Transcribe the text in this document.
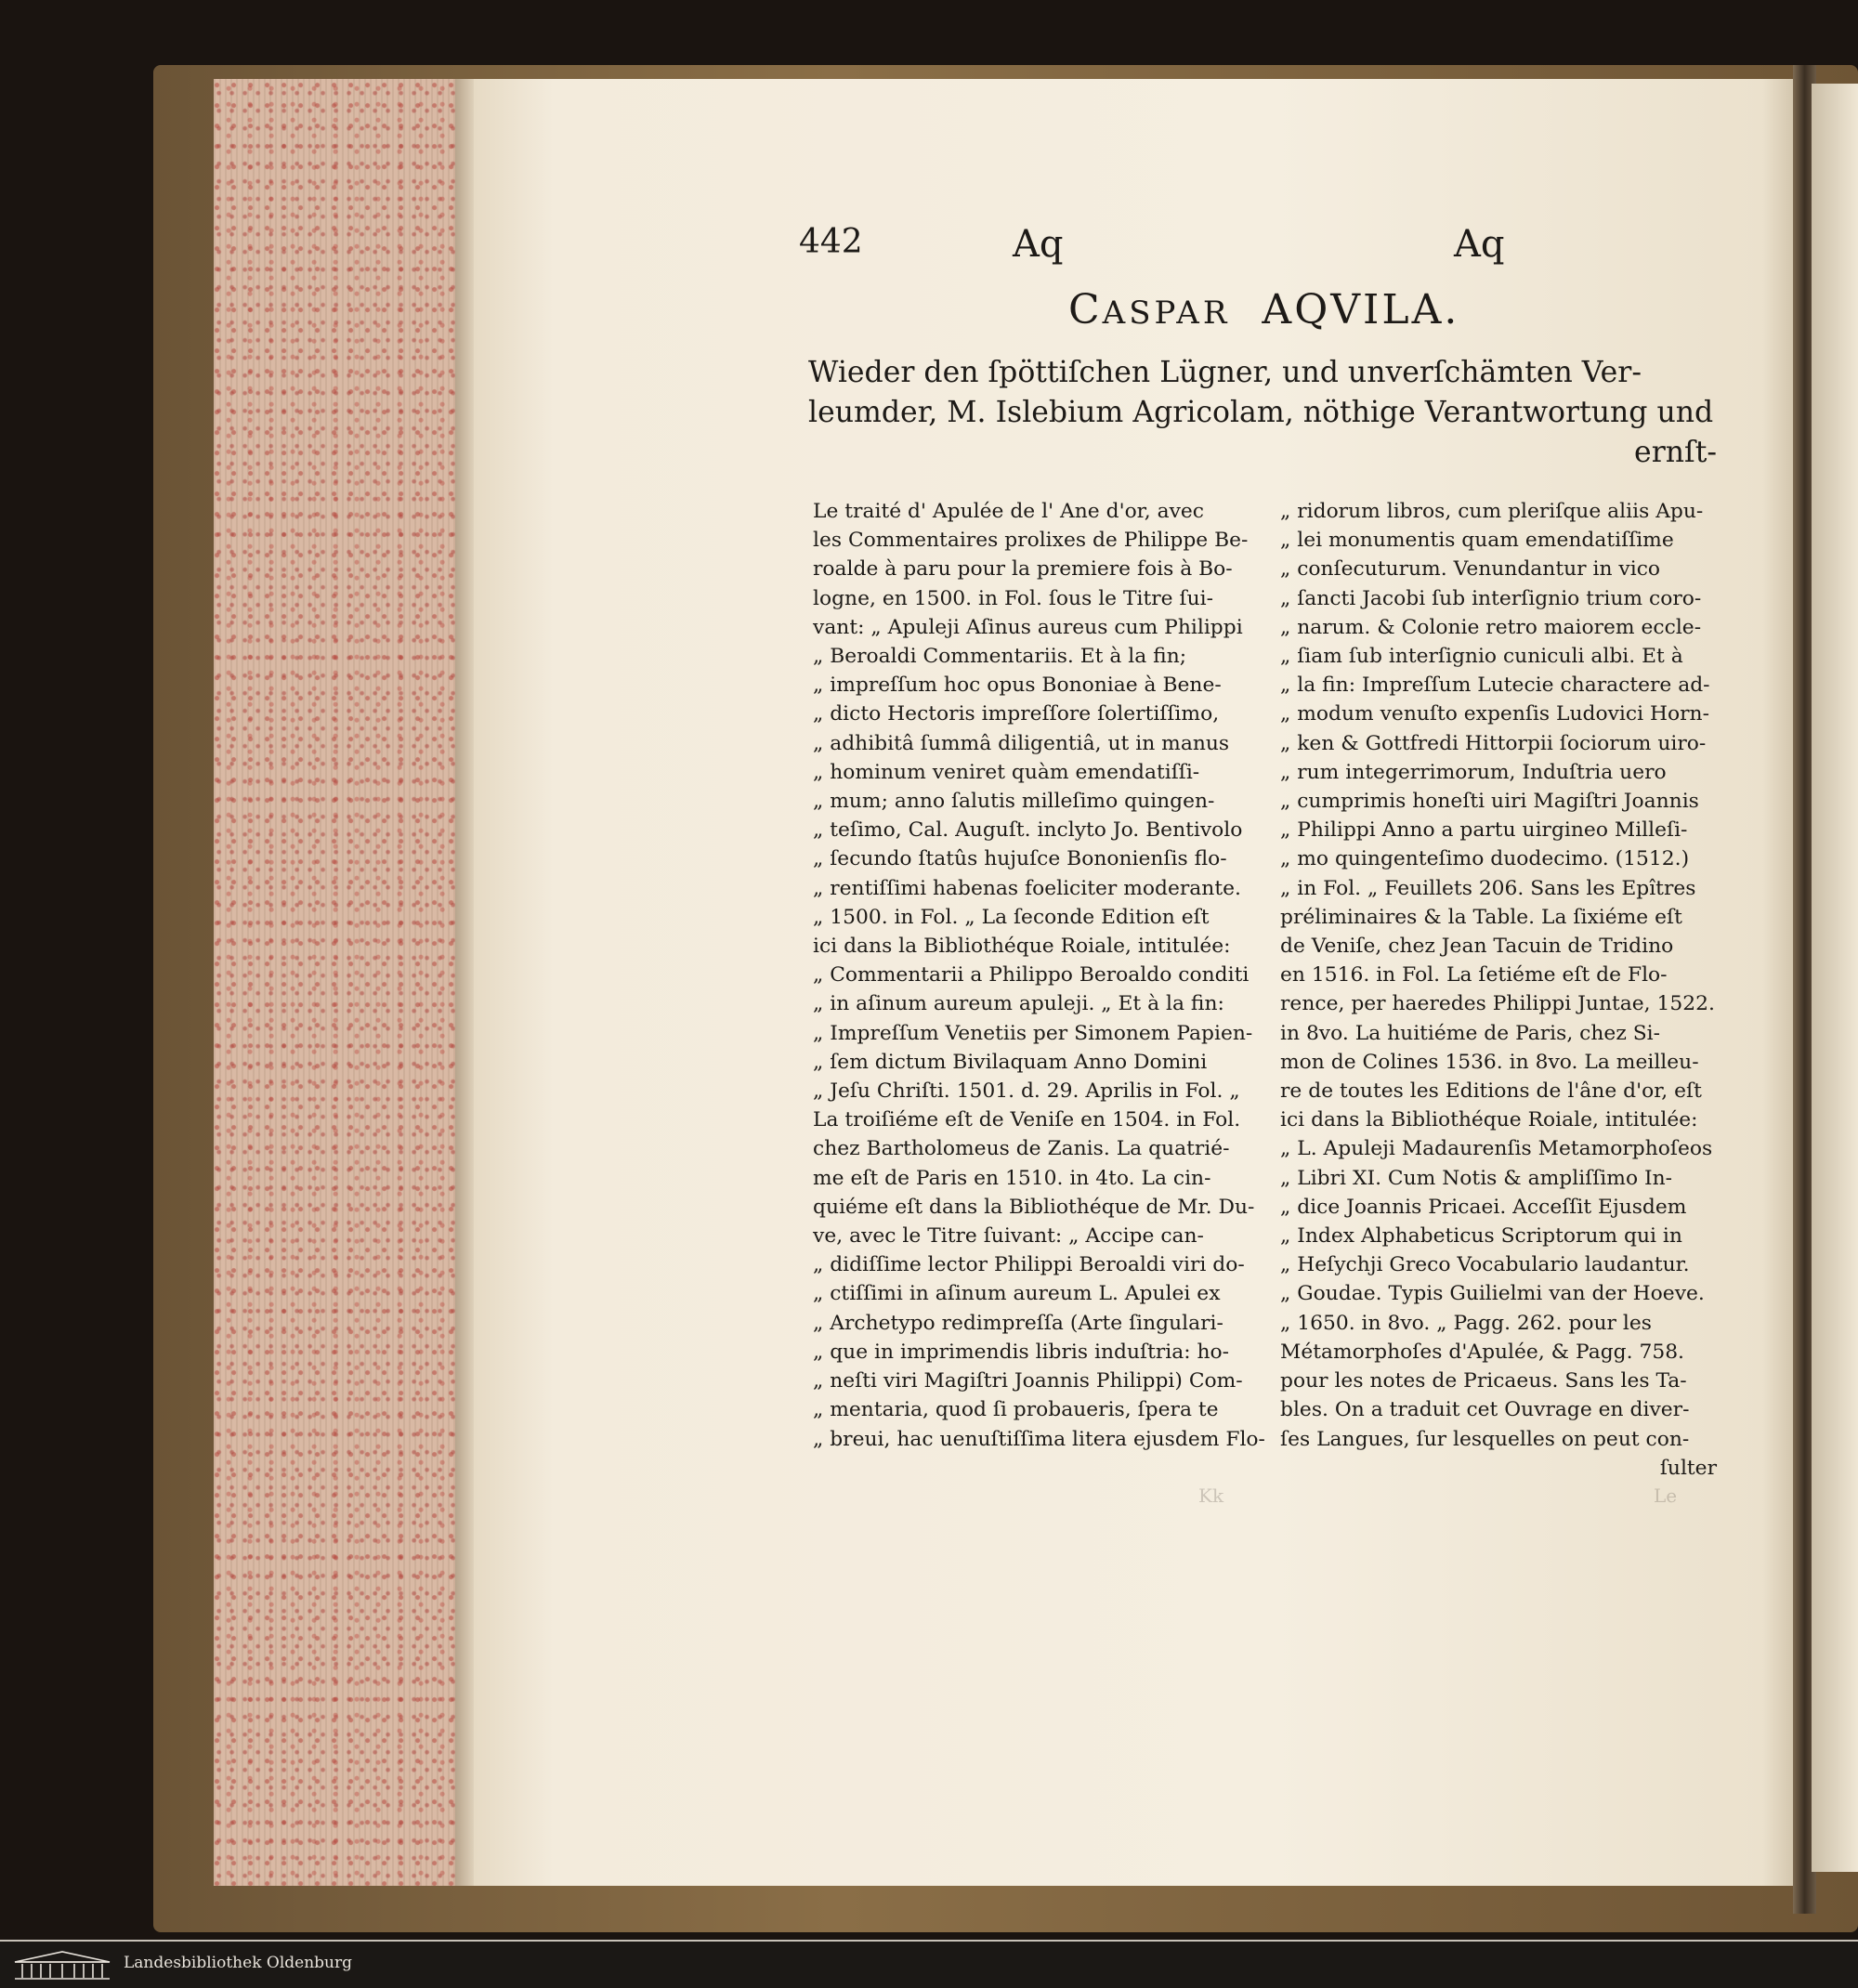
442	Aq	Aq
CASPAR AQVILA.
Wieder den ſpöttiſchen Lügner, und unverſchämten Ver-
leumder, M. Islebium Agricolam, nöthige Verantwortung und
ernſt-
Le traité d' Apulée de l' Ane d'or, avec
les Commentaires prolixes de Philippe Be-
roalde à paru pour la premiere fois à Bo-
logne, en 1500. in Fol. ſous le Titre ſui-
vant: „ Apuleji Aſinus aureus cum Philippi
„ Beroaldi Commentariis. Et à la fin;
„ impreſſum hoc opus Bononiae à Bene-
„ dicto Hectoris impreſſore ſolertiſſimo,
„ adhibitâ ſummâ diligentiâ, ut in manus
„ hominum veniret quàm emendatiſſi-
„ mum; anno ſalutis milleſimo quingen-
„ teſimo, Cal. Auguſt. inclyto Jo. Bentivolo
„ ſecundo ſtatûs hujuſce Bononienſis flo-
„ rentiſſimi habenas foeliciter moderante.
„ 1500. in Fol. „ La ſeconde Edition eſt
ici dans la Bibliothéque Roiale, intitulée:
„ Commentarii a Philippo Beroaldo conditi
„ in aſinum aureum apuleji. „ Et à la fin:
„ Impreſſum Venetiis per Simonem Papien-
„ ſem dictum Bivilaquam Anno Domini
„ Jeſu Chriſti. 1501. d. 29. Aprilis in Fol. „
La troiſiéme eſt de Veniſe en 1504. in Fol.
chez Bartholomeus de Zanis. La quatrié-
me eſt de Paris en 1510. in 4to. La cin-
quiéme eſt dans la Bibliothéque de Mr. Du-
ve, avec le Titre ſuivant: „ Accipe can-
„ didiſſime lector Philippi Beroaldi viri do-
„ ctiſſimi in aſinum aureum L. Apulei ex
„ Archetypo redimpreſſa (Arte ſingulari-
„ que in imprimendis libris induſtria: ho-
„ neſti viri Magiſtri Joannis Philippi) Com-
„ mentaria, quod ſi probaueris, ſpera te
„ breui, hac uenuſtiſſima litera ejusdem Flo-
„ ridorum libros, cum pleriſque aliis Apu-
„ lei monumentis quam emendatiſſime
„ conſecuturum. Venundantur in vico
„ ſancti Jacobi ſub interſignio trium coro-
„ narum. & Colonie retro maiorem eccle-
„ ſiam ſub interſignio cuniculi albi. Et à
„ la fin: Impreſſum Lutecie charactere ad-
„ modum venuſto expenſis Ludovici Horn-
„ ken & Gottfredi Hittorpii ſociorum uiro-
„ rum integerrimorum, Induſtria uero
„ cumprimis honeſti uiri Magiſtri Joannis
„ Philippi Anno a partu uirgineo Milleſi-
„ mo quingenteſimo duodecimo. (1512.)
„ in Fol. „ Feuillets 206. Sans les Epîtres
préliminaires & la Table. La ſixiéme eſt
de Veniſe, chez Jean Tacuin de Tridino
en 1516. in Fol. La ſetiéme eſt de Flo-
rence, per haeredes Philippi Juntae, 1522.
in 8vo. La huitiéme de Paris, chez Si-
mon de Colines 1536. in 8vo. La meilleu-
re de toutes les Editions de l'âne d'or, eſt
ici dans la Bibliothéque Roiale, intitulée:
„ L. Apuleji Madaurenſis Metamorphoſeos
„ Libri XI. Cum Notis & ampliſſimo In-
„ dice Joannis Pricaei. Acceſſit Ejusdem
„ Index Alphabeticus Scriptorum qui in
„ Heſychji Greco Vocabulario laudantur.
„ Goudae. Typis Guilielmi van der Hoeve.
„ 1650. in 8vo. „ Pagg. 262. pour les
Métamorphoſes d'Apulée, & Pagg. 758.
pour les notes de Pricaeus. Sans les Ta-
bles. On a traduit cet Ouvrage en diver-
ſes Langues, ſur lesquelles on peut con-
ſulter
Kk	Le
Landesbibliothek Oldenburg
